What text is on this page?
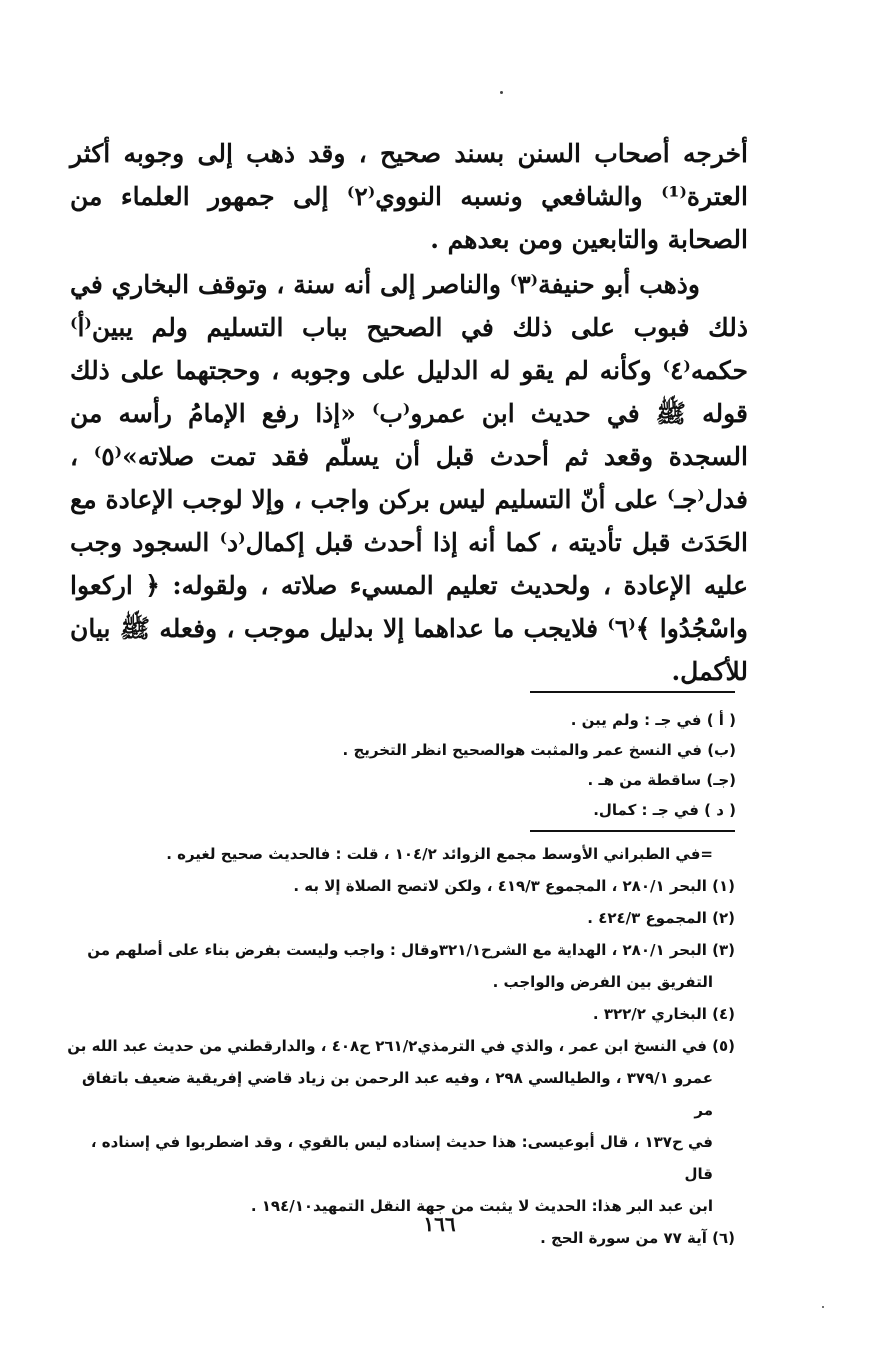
أخرجه أصحاب السنن بسند صحيح ، وقد ذهب إلى وجوبه أكثر العترة⁽¹⁾ والشافعي ونسبه النووي⁽٢⁾ إلى جمهور العلماء من الصحابة والتابعين ومن بعدهم .

وذهب أبو حنيفة⁽٣⁾ والناصر إلى أنه سنة ، وتوقف البخاري في ذلك فبوب على ذلك في الصحيح بباب التسليم ولم يبين⁽أ⁾ حكمه⁽٤⁾ وكأنه لم يقو له الدليل على وجوبه ، وحجتهما على ذلك قوله ﷺ في حديث ابن عمرو⁽ب⁾ «إذا رفع الإمامُ رأسه من السجدة وقعد ثم أحدث قبل أن يسلّم فقد تمت صلاته»⁽٥⁾ ، فدل⁽جـ⁾ على أنّ التسليم ليس بركن واجب ، وإلا لوجب الإعادة مع الحَدَث قبل تأديته ، كما أنه إذا أحدث قبل إكمال⁽د⁾ السجود وجب عليه الإعادة ، ولحديث تعليم المسيء صلاته ، ولقوله: ﴿ اركعوا واسْجُدُوا ﴾⁽٦⁾ فلايجب ما عداهما إلا بدليل موجب ، وفعله ﷺ بيان للأكمل.

( أ ) في جـ : ولم يبن .
(ب) في النسخ عمر والمثبت هوالصحيح انظر التخريج .
(جـ) ساقطة من هـ .
( د ) في جـ : كمال.
=في الطبراني الأوسط مجمع الزوائد ١٠٤/٢ ، قلت : فالحديث صحيح لغيره .
(١) البحر ٢٨٠/١ ، المجموع ٤١٩/٣ ، ولكن لاتصح الصلاة إلا به .
(٢) المجموع ٤٢٤/٣ .
(٣) البحر ٢٨٠/١ ، الهداية مع الشرح٣٢١/١وقال : واجب وليست بفرض بناء على أصلهم من
التفريق بين الفرض والواجب .
(٤) البخاري ٣٢٢/٢ .
(٥) في النسخ ابن عمر ، والذي في الترمذي٢٦١/٢ ح٤٠٨ ، والدارقطني من حديث عبد الله بن
عمرو ٣٧٩/١ ، والطيالسي ٢٩٨ ، وفيه عبد الرحمن بن زياد قاضي إفريقية ضعيف باتفاق مر
في ح١٣٧ ، قال أبوعيسى: هذا حديث إسناده ليس بالقوي ، وقد اضطربوا في إسناده ، قال
ابن عبد البر هذا: الحديث لا يثبت من جهة النقل التمهيد١٩٤/١٠ .
(٦) آية ٧٧ من سورة الحج .
١٦٦
